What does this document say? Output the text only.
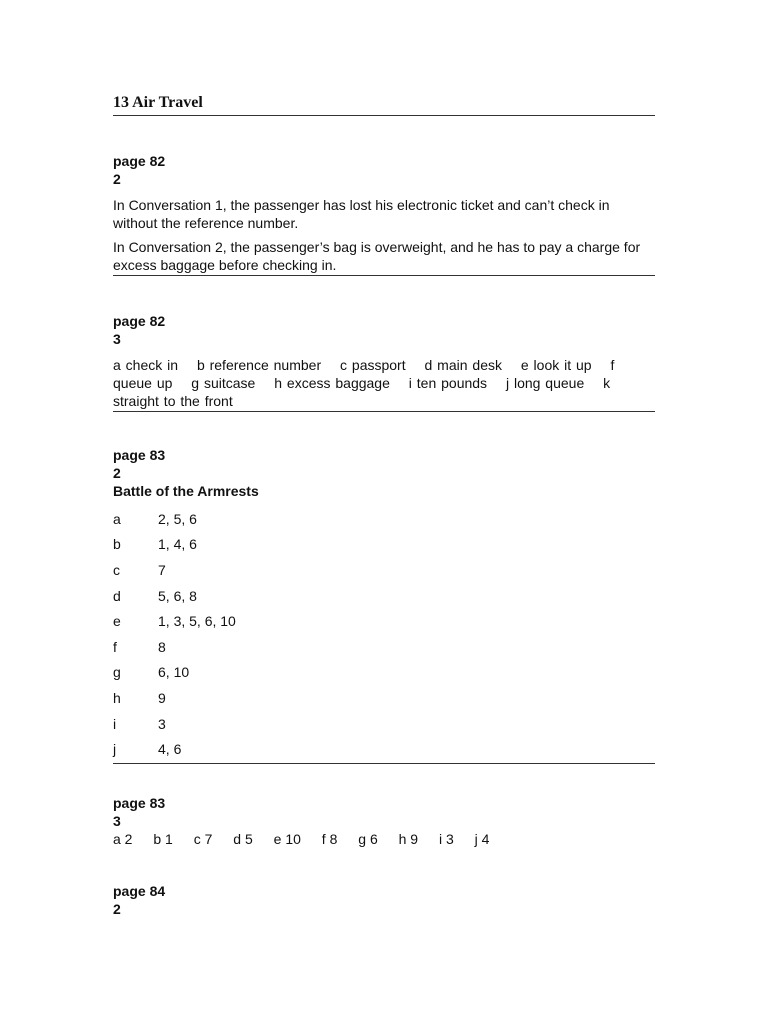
13 Air Travel
page 82
2

In Conversation 1, the passenger has lost his electronic ticket and can’t check in without the reference number.

In Conversation 2, the passenger’s bag is overweight, and he has to pay a charge for excess baggage before checking in.

page 82
3
a check in b reference number c passport d main desk e look it up f queue up g suitcase h excess baggage i ten pounds j long queue k straight to the front
page 83
2
Battle of the Armrests
a	2, 5, 6
b	1, 4, 6
c	7
d	5, 6, 8
e	1, 3, 5, 6, 10
f	8
g	6, 10
h	9
i	3
j	4, 6
page 83
3
a 2 b 1 c 7 d 5 e 10 f 8 g 6 h 9 i 3 j 4
page 84
2
